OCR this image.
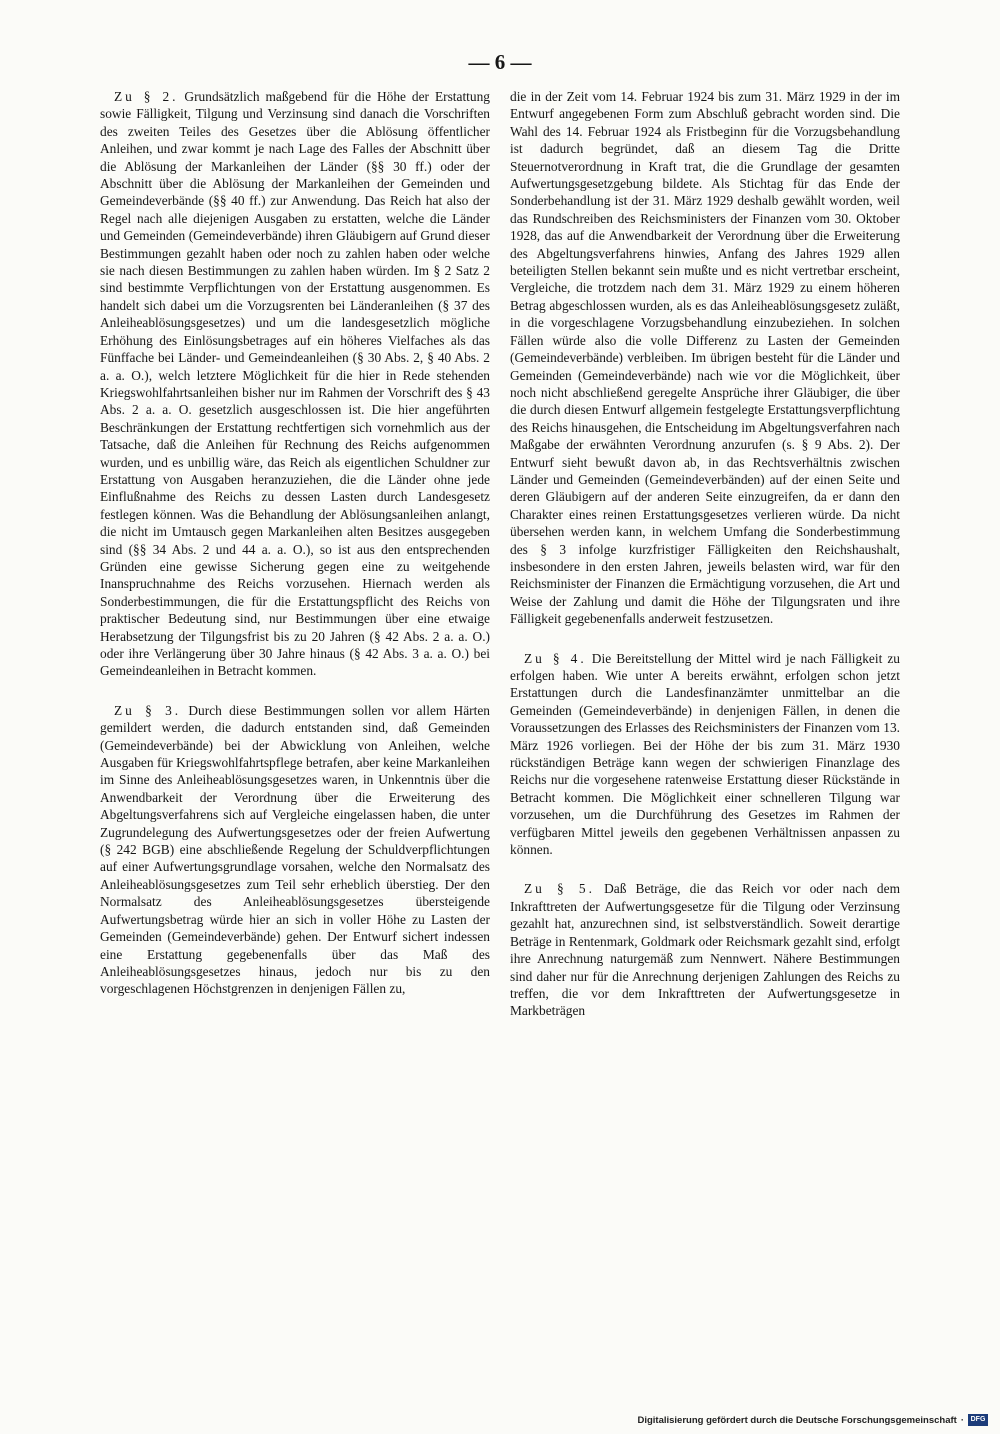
— 6 —

Zu § 2. Grundsätzlich maßgebend für die Höhe der Erstattung sowie Fälligkeit, Tilgung und Verzinsung sind danach die Vorschriften des zweiten Teiles des Gesetzes über die Ablösung öffentlicher Anleihen, und zwar kommt je nach Lage des Falles der Abschnitt über die Ablösung der Markanleihen der Länder (§§ 30 ff.) oder der Abschnitt über die Ablösung der Markanleihen der Gemeinden und Gemeindeverbände (§§ 40 ff.) zur Anwendung. Das Reich hat also der Regel nach alle diejenigen Ausgaben zu erstatten, welche die Länder und Gemeinden (Gemeindeverbände) ihren Gläubigern auf Grund dieser Bestimmungen gezahlt haben oder noch zu zahlen haben oder welche sie nach diesen Bestimmungen zu zahlen haben würden. Im § 2 Satz 2 sind bestimmte Verpflichtungen von der Erstattung ausgenommen. Es handelt sich dabei um die Vorzugsrenten bei Länderanleihen (§ 37 des Anleiheablösungsgesetzes) und um die landesgesetzlich mögliche Erhöhung des Einlösungsbetrages auf ein höheres Vielfaches als das Fünffache bei Länder- und Gemeindeanleihen (§ 30 Abs. 2, § 40 Abs. 2 a. a. O.), welch letztere Möglichkeit für die hier in Rede stehenden Kriegswohlfahrtsanleihen bisher nur im Rahmen der Vorschrift des § 43 Abs. 2 a. a. O. gesetzlich ausgeschlossen ist. Die hier angeführten Beschränkungen der Erstattung rechtfertigen sich vornehmlich aus der Tatsache, daß die Anleihen für Rechnung des Reichs aufgenommen wurden, und es unbillig wäre, das Reich als eigentlichen Schuldner zur Erstattung von Ausgaben heranzuziehen, die die Länder ohne jede Einflußnahme des Reichs zu dessen Lasten durch Landesgesetz festlegen können. Was die Behandlung der Ablösungsanleihen anlangt, die nicht im Umtausch gegen Markanleihen alten Besitzes ausgegeben sind (§§ 34 Abs. 2 und 44 a. a. O.), so ist aus den entsprechenden Gründen eine gewisse Sicherung gegen eine zu weitgehende Inanspruchnahme des Reichs vorzusehen. Hiernach werden als Sonderbestimmungen, die für die Erstattungspflicht des Reichs von praktischer Bedeutung sind, nur Bestimmungen über eine etwaige Herabsetzung der Tilgungsfrist bis zu 20 Jahren (§ 42 Abs. 2 a. a. O.) oder ihre Verlängerung über 30 Jahre hinaus (§ 42 Abs. 3 a. a. O.) bei Gemeindeanleihen in Betracht kommen.

Zu § 3. Durch diese Bestimmungen sollen vor allem Härten gemildert werden, die dadurch entstanden sind, daß Gemeinden (Gemeindeverbände) bei der Abwicklung von Anleihen, welche Ausgaben für Kriegswohlfahrtspflege betrafen, aber keine Markanleihen im Sinne des Anleiheablösungsgesetzes waren, in Unkenntnis über die Anwendbarkeit der Verordnung über die Erweiterung des Abgeltungsverfahrens sich auf Vergleiche eingelassen haben, die unter Zugrundelegung des Aufwertungsgesetzes oder der freien Aufwertung (§ 242 BGB) eine abschließende Regelung der Schuldverpflichtungen auf einer Aufwertungsgrundlage vorsahen, welche den Normalsatz des Anleiheablösungsgesetzes zum Teil sehr erheblich überstieg. Der den Normalsatz des Anleiheablösungsgesetzes übersteigende Aufwertungsbetrag würde hier an sich in voller Höhe zu Lasten der Gemeinden (Gemeindeverbände) gehen. Der Entwurf sichert indessen eine Erstattung gegebenenfalls über das Maß des Anleiheablösungsgesetzes hinaus, jedoch nur bis zu den vorgeschlagenen Höchstgrenzen in denjenigen Fällen zu,

die in der Zeit vom 14. Februar 1924 bis zum 31. März 1929 in der im Entwurf angegebenen Form zum Abschluß gebracht worden sind. Die Wahl des 14. Februar 1924 als Fristbeginn für die Vorzugsbehandlung ist dadurch begründet, daß an diesem Tag die Dritte Steuernotverordnung in Kraft trat, die die Grundlage der gesamten Aufwertungsgesetzgebung bildete. Als Stichtag für das Ende der Sonderbehandlung ist der 31. März 1929 deshalb gewählt worden, weil das Rundschreiben des Reichsministers der Finanzen vom 30. Oktober 1928, das auf die Anwendbarkeit der Verordnung über die Erweiterung des Abgeltungsverfahrens hinwies, Anfang des Jahres 1929 allen beteiligten Stellen bekannt sein mußte und es nicht vertretbar erscheint, Vergleiche, die trotzdem nach dem 31. März 1929 zu einem höheren Betrag abgeschlossen wurden, als es das Anleiheablösungsgesetz zuläßt, in die vorgeschlagene Vorzugsbehandlung einzubeziehen. In solchen Fällen würde also die volle Differenz zu Lasten der Gemeinden (Gemeindeverbände) verbleiben. Im übrigen besteht für die Länder und Gemeinden (Gemeindeverbände) nach wie vor die Möglichkeit, über noch nicht abschließend geregelte Ansprüche ihrer Gläubiger, die über die durch diesen Entwurf allgemein festgelegte Erstattungsverpflichtung des Reichs hinausgehen, die Entscheidung im Abgeltungsverfahren nach Maßgabe der erwähnten Verordnung anzurufen (s. § 9 Abs. 2). Der Entwurf sieht bewußt davon ab, in das Rechtsverhältnis zwischen Länder und Gemeinden (Gemeindeverbänden) auf der einen Seite und deren Gläubigern auf der anderen Seite einzugreifen, da er dann den Charakter eines reinen Erstattungsgesetzes verlieren würde. Da nicht übersehen werden kann, in welchem Umfang die Sonderbestimmung des § 3 infolge kurzfristiger Fälligkeiten den Reichshaushalt, insbesondere in den ersten Jahren, jeweils belasten wird, war für den Reichsminister der Finanzen die Ermächtigung vorzusehen, die Art und Weise der Zahlung und damit die Höhe der Tilgungsraten und ihre Fälligkeit gegebenenfalls anderweit festzusetzen.

Zu § 4. Die Bereitstellung der Mittel wird je nach Fälligkeit zu erfolgen haben. Wie unter A bereits erwähnt, erfolgen schon jetzt Erstattungen durch die Landesfinanzämter unmittelbar an die Gemeinden (Gemeindeverbände) in denjenigen Fällen, in denen die Voraussetzungen des Erlasses des Reichsministers der Finanzen vom 13. März 1926 vorliegen. Bei der Höhe der bis zum 31. März 1930 rückständigen Beträge kann wegen der schwierigen Finanzlage des Reichs nur die vorgesehene ratenweise Erstattung dieser Rückstände in Betracht kommen. Die Möglichkeit einer schnelleren Tilgung war vorzusehen, um die Durchführung des Gesetzes im Rahmen der verfügbaren Mittel jeweils den gegebenen Verhältnissen anpassen zu können.

Zu § 5. Daß Beträge, die das Reich vor oder nach dem Inkrafttreten der Aufwertungsgesetze für die Tilgung oder Verzinsung gezahlt hat, anzurechnen sind, ist selbstverständlich. Soweit derartige Beträge in Rentenmark, Goldmark oder Reichsmark gezahlt sind, erfolgt ihre Anrechnung naturgemäß zum Nennwert. Nähere Bestimmungen sind daher nur für die Anrechnung derjenigen Zahlungen des Reichs zu treffen, die vor dem Inkrafttreten der Aufwertungsgesetze in Markbeträgen

Digitalisierung gefördert durch die Deutsche Forschungsgemeinschaft · DFG
